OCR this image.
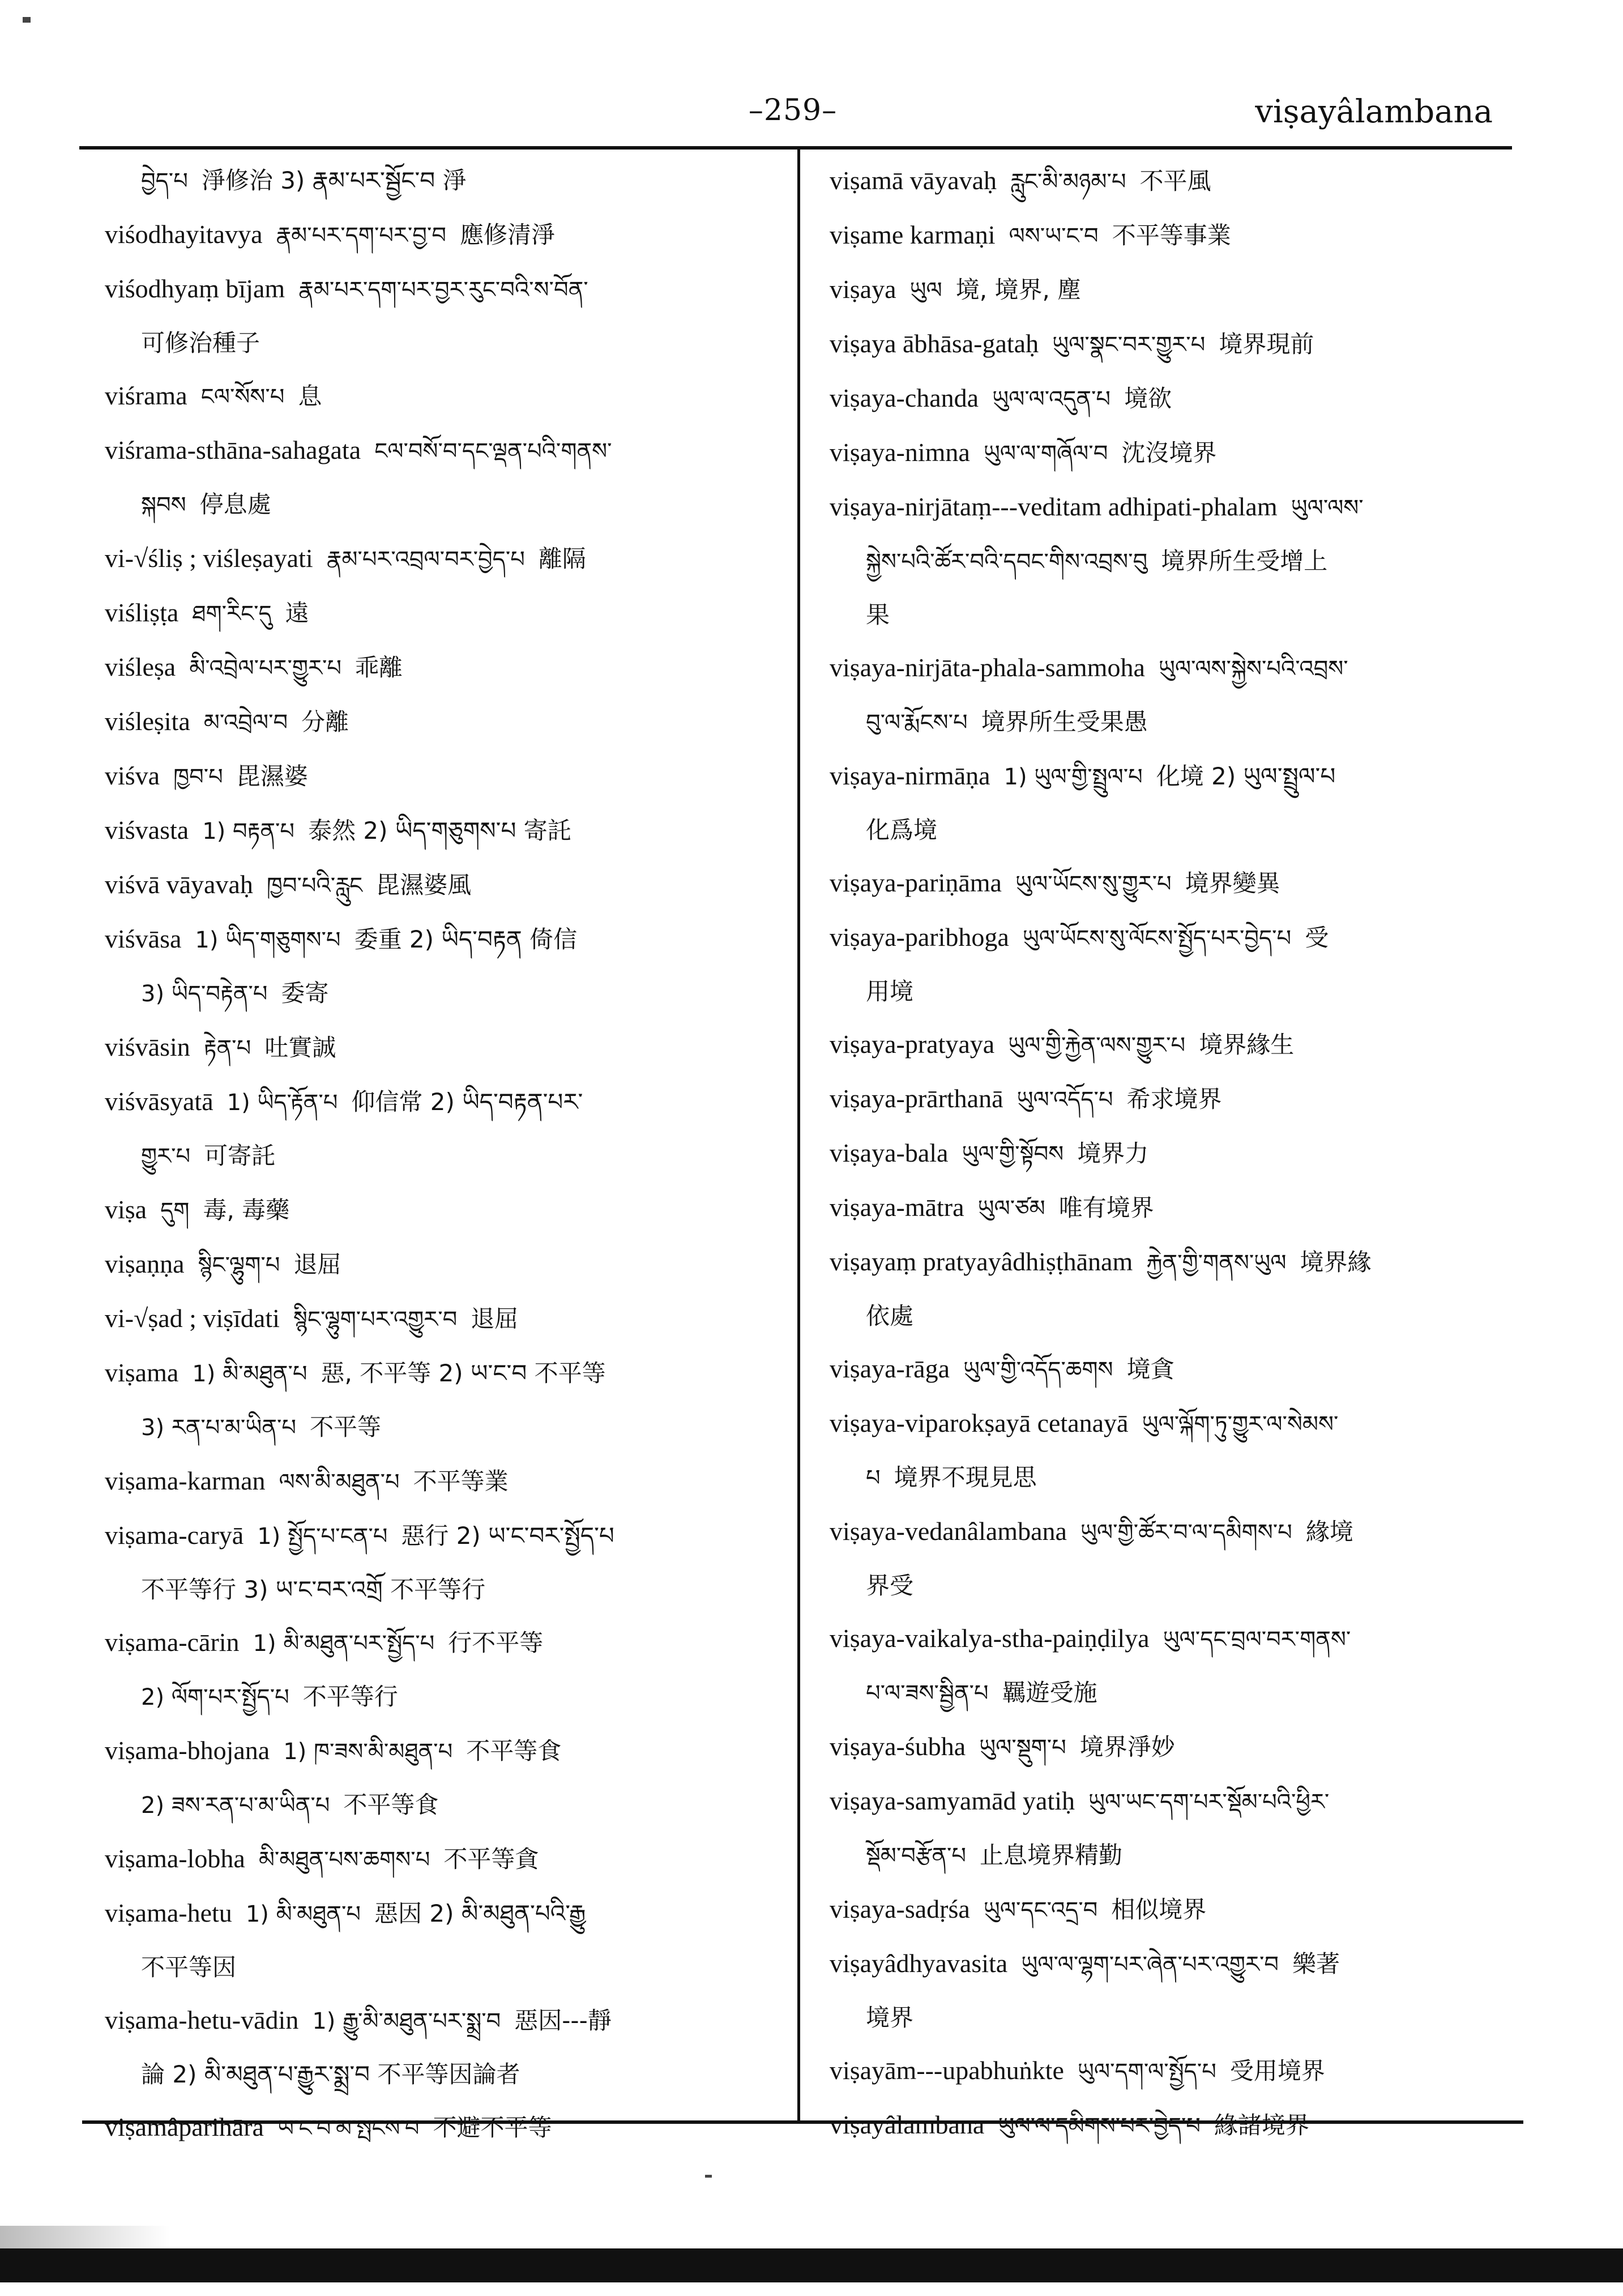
–259–	viṣayâlambana
བྱེད་པ 淨修治 3) རྣམ་པར་སྦྱོང་བ 淨
viśodhayitavya རྣམ་པར་དག་པར་བྱ་བ 應修清淨
viśodhyaṃ bījam རྣམ་པར་དག་པར་བྱར་རུང་བའི་ས་བོན་
可修治種子
viśrama ངལ་སོས་པ 息
viśrama-sthāna-sahagata ངལ་བསོ་བ་དང་ལྡན་པའི་གནས་
སྐབས 停息處
vi-√śliṣ ; viśleṣayati རྣམ་པར་འབྲལ་བར་བྱེད་པ 離隔
viśliṣṭa ཐག་རིང་དུ 遠
viśleṣa མི་འབྲེལ་པར་གྱུར་པ 乖離
viśleṣita མ་འབྲེལ་བ 分離
viśva ཁྱབ་པ 毘濕婆
viśvasta 1) བརྟན་པ 泰然 2) ཡིད་གཅུགས་པ 寄託
viśvā vāyavaḥ ཁྱབ་པའི་རླུང 毘濕婆風
viśvāsa 1) ཡིད་གཅུགས་པ 委重 2) ཡིད་བརྟན 倚信
3) ཡིད་བརྟེན་པ 委寄
viśvāsin རྟེན་པ 吐實誠
viśvāsyatā 1) ཡིད་རྟོན་པ 仰信常 2) ཡིད་བརྟན་པར་
གྱུར་པ 可寄託
viṣa དུག 毒, 毒藥
viṣaṇṇa སྙིང་ལྷུག་པ 退屈
vi-√ṣad ; viṣīdati སྙིང་ལྷུག་པར་འགྱུར་བ 退屈
viṣama 1) མི་མཐུན་པ 惡, 不平等 2) ཡ་ང་བ 不平等
3) རན་པ་མ་ཡིན་པ 不平等
viṣama-karman ལས་མི་མཐུན་པ 不平等業
viṣama-caryā 1) སྤྱོད་པ་ངན་པ 惡行 2) ཡ་ང་བར་སྤྱོད་པ
不平等行 3) ཡ་ང་བར་འགྲོ 不平等行
viṣama-cārin 1) མི་མཐུན་པར་སྤྱོད་པ 行不平等
2) ལོག་པར་སྤྱོད་པ 不平等行
viṣama-bhojana 1) ཁ་ཟས་མི་མཐུན་པ 不平等食
2) ཟས་རན་པ་མ་ཡིན་པ 不平等食
viṣama-lobha མི་མཐུན་པས་ཆགས་པ 不平等貪
viṣama-hetu 1) མི་མཐུན་པ 惡因 2) མི་མཐུན་པའི་རྒྱུ
不平等因
viṣama-hetu-vādin 1) རྒྱུ་མི་མཐུན་པར་སྨྲ་བ 惡因---靜
論 2) མི་མཐུན་པ་རྒྱུར་སྨྲ་བ 不平等因論者
viṣamâparihāra ཡ་ང་བ་མ་སྤངས་པ 不避不平等
viṣamā vāyavaḥ རླུང་མི་མཉམ་པ 不平風
viṣame karmaṇi ལས་ཡ་ང་བ 不平等事業
viṣaya ཡུལ 境, 境界, 塵
viṣaya ābhāsa-gataḥ ཡུལ་སྣང་བར་གྱུར་པ 境界現前
viṣaya-chanda ཡུལ་ལ་འདུན་པ 境欲
viṣaya-nimna ཡུལ་ལ་གཞོལ་བ 沈沒境界
viṣaya-nirjātaṃ---veditam adhipati-phalam ཡུལ་ལས་
སྐྱེས་པའི་ཚོར་བའི་དབང་གིས་འབྲས་བུ 境界所生受增上
果
viṣaya-nirjāta-phala-sammoha ཡུལ་ལས་སྐྱེས་པའི་འབྲས་
བུ་ལ་རྨོངས་པ 境界所生受果愚
viṣaya-nirmāṇa 1) ཡུལ་གྱི་སྤྲུལ་པ 化境 2) ཡུལ་སྤྲུལ་པ
化爲境
viṣaya-pariṇāma ཡུལ་ཡོངས་སུ་གྱུར་པ 境界變異
viṣaya-paribhoga ཡུལ་ཡོངས་སུ་ལོངས་སྤྱོད་པར་བྱེད་པ 受
用境
viṣaya-pratyaya ཡུལ་གྱི་རྐྱེན་ལས་གྱུར་པ 境界緣生
viṣaya-prārthanā ཡུལ་འདོད་པ 希求境界
viṣaya-bala ཡུལ་གྱི་སྟོབས 境界力
viṣaya-mātra ཡུལ་ཙམ 唯有境界
viṣayaṃ pratyayâdhiṣṭhānam རྐྱེན་གྱི་གནས་ཡུལ 境界緣
依處
viṣaya-rāga ཡུལ་གྱི་འདོད་ཆགས 境貪
viṣaya-viparokṣayā cetanayā ཡུལ་ལྐོག་ཏུ་གྱུར་ལ་སེམས་
པ 境界不現見思
viṣaya-vedanâlambana ཡུལ་གྱི་ཚོར་བ་ལ་དམིགས་པ 緣境
界受
viṣaya-vaikalya-stha-paiṇḍilya ཡུལ་དང་བྲལ་བར་གནས་
པ་ལ་ཟས་སྦྱིན་པ 羈遊受施
viṣaya-śubha ཡུལ་སྡུག་པ 境界淨妙
viṣaya-samyamād yatiḥ ཡུལ་ཡང་དག་པར་སྡོམ་པའི་ཕྱིར་
སྡོམ་བརྩོན་པ 止息境界精勤
viṣaya-sadṛśa ཡུལ་དང་འདྲ་བ 相似境界
viṣayâdhyavasita ཡུལ་ལ་ལྷག་པར་ཞེན་པར་འགྱུར་བ 樂著
境界
viṣayām---upabhuṅkte ཡུལ་དག་ལ་སྤྱོད་པ 受用境界
viṣayâlambana ཡུལ་ལ་དམིགས་པར་བྱེད་པ 緣諸境界
